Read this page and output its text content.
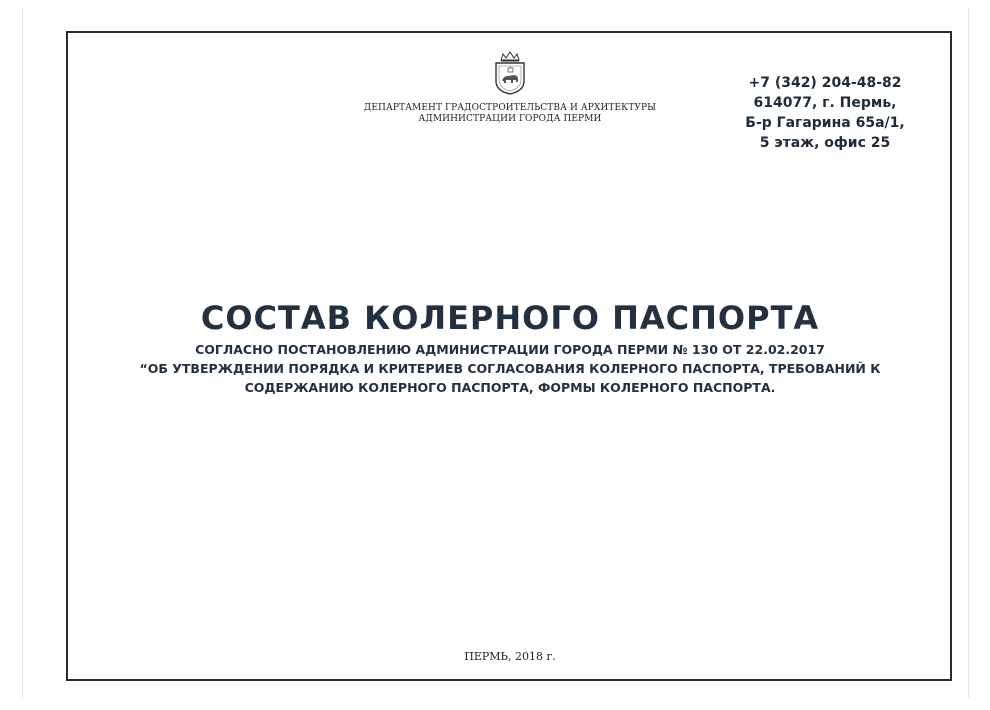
ДЕПАРТАМЕНТ ГРАДОСТРОИТЕЛЬСТВА И АРХИТЕКТУРЫ
АДМИНИСТРАЦИИ ГОРОДА ПЕРМИ
+7 (342) 204-48-82
614077, г. Пермь,
Б-р Гагарина 65а/1,
5 этаж, офис 25
СОСТАВ КОЛЕРНОГО ПАСПОРТА
СОГЛАСНО ПОСТАНОВЛЕНИЮ АДМИНИСТРАЦИИ ГОРОДА ПЕРМИ № 130 ОТ 22.02.2017
“ОБ УТВЕРЖДЕНИИ ПОРЯДКА И КРИТЕРИЕВ СОГЛАСОВАНИЯ КОЛЕРНОГО ПАСПОРТА, ТРЕБОВАНИЙ К
СОДЕРЖАНИЮ КОЛЕРНОГО ПАСПОРТА, ФОРМЫ КОЛЕРНОГО ПАСПОРТА.
ПЕРМЬ, 2018 г.
